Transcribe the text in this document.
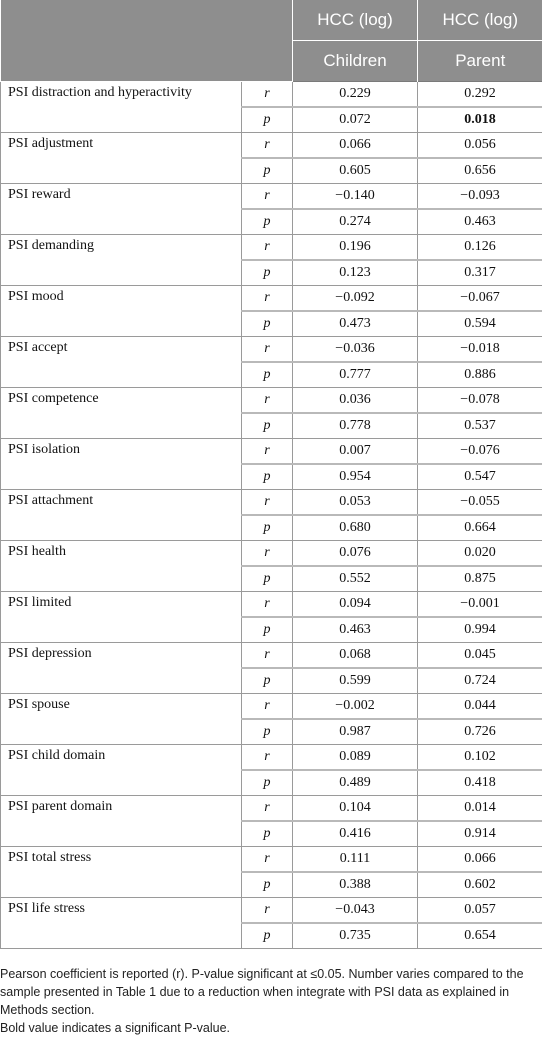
		HCC (log)	HCC (log)
		Children	Parent
PSI distraction and hyperactivity	r	0.229	0.292
	p	0.072	0.018
PSI adjustment	r	0.066	0.056
	p	0.605	0.656
PSI reward	r	−0.140	−0.093
	p	0.274	0.463
PSI demanding	r	0.196	0.126
	p	0.123	0.317
PSI mood	r	−0.092	−0.067
	p	0.473	0.594
PSI accept	r	−0.036	−0.018
	p	0.777	0.886
PSI competence	r	0.036	−0.078
	p	0.778	0.537
PSI isolation	r	0.007	−0.076
	p	0.954	0.547
PSI attachment	r	0.053	−0.055
	p	0.680	0.664
PSI health	r	0.076	0.020
	p	0.552	0.875
PSI limited	r	0.094	−0.001
	p	0.463	0.994
PSI depression	r	0.068	0.045
	p	0.599	0.724
PSI spouse	r	−0.002	0.044
	p	0.987	0.726
PSI child domain	r	0.089	0.102
	p	0.489	0.418
PSI parent domain	r	0.104	0.014
	p	0.416	0.914
PSI total stress	r	0.111	0.066
	p	0.388	0.602
PSI life stress	r	−0.043	0.057
	p	0.735	0.654

Pearson coefficient is reported (r). P-value significant at ≤0.05. Number varies compared to the sample presented in Table 1 due to a reduction when integrate with PSI data as explained in Methods section.

Bold value indicates a significant P-value.
